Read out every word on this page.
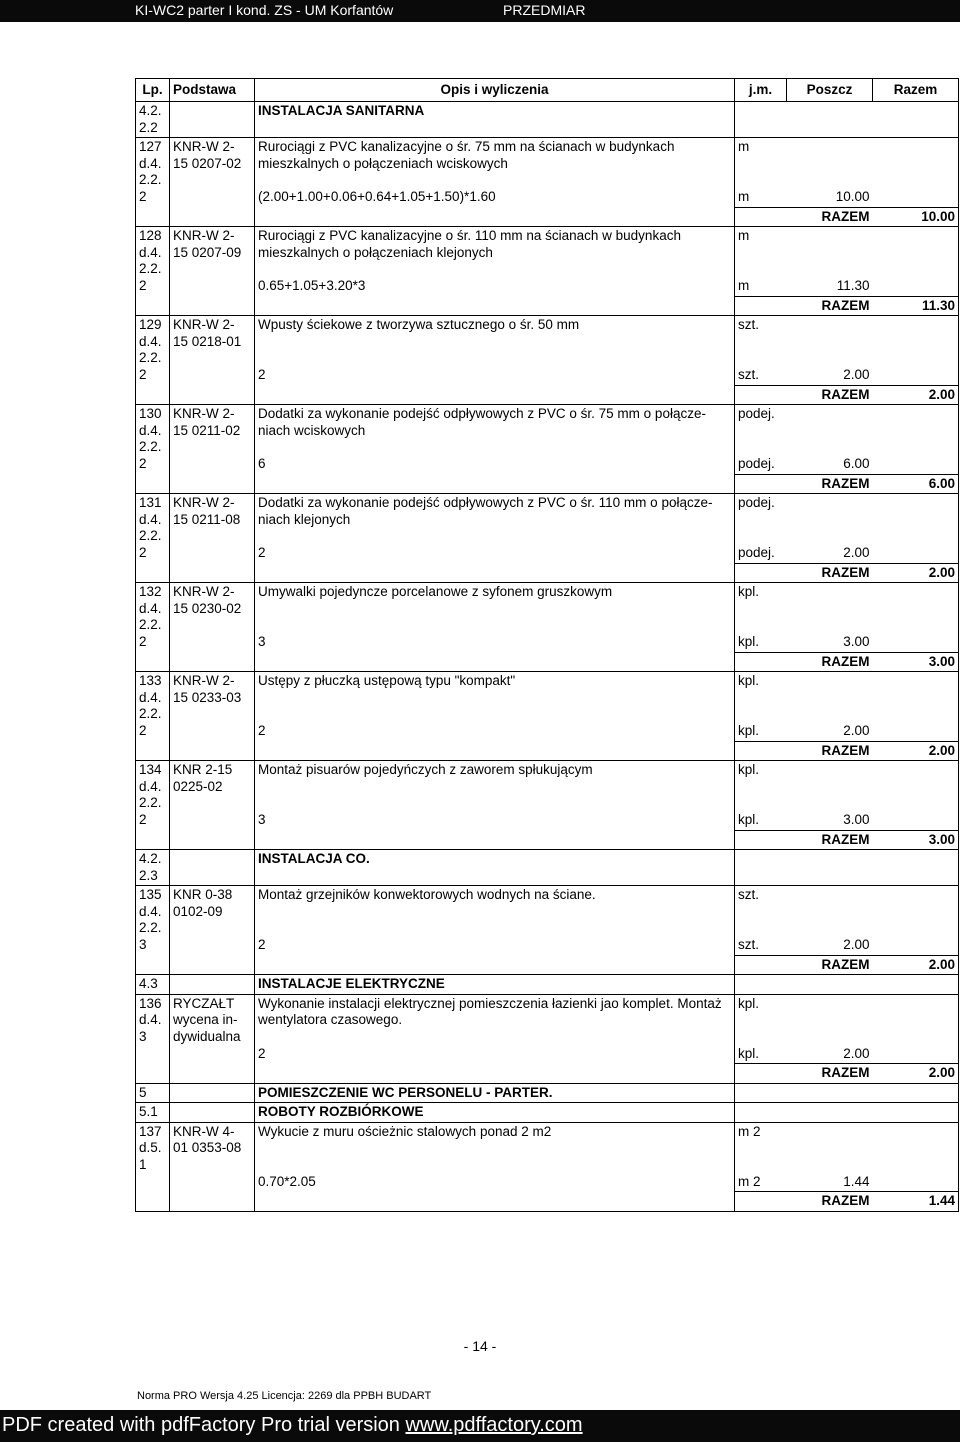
KI-WC2 parter I kond. ZS - UM Korfantów	PRZEDMIAR
Lp.	Podstawa	Opis i wyliczenia	j.m.	Poszcz	Razem
4.2.
2.2		INSTALACJA SANITARNA			
127
d.4.
2.2.
2	KNR-W 2-
15 0207-02	Rurociągi z PVC kanalizacyjne o śr. 75 mm na ścianach w budynkach
mieszkalnych o połączeniach wciskowych	m		
		(2.00+1.00+0.06+0.64+1.05+1.50)*1.60	m	10.00	
				RAZEM	10.00
128
d.4.
2.2.
2	KNR-W 2-
15 0207-09	Rurociągi z PVC kanalizacyjne o śr. 110 mm na ścianach w budynkach
mieszkalnych o połączeniach klejonych	m		
		0.65+1.05+3.20*3	m	11.30	
				RAZEM	11.30
129
d.4.
2.2.
2	KNR-W 2-
15 0218-01	Wpusty ściekowe z tworzywa sztucznego o śr. 50 mm	szt.		
		2	szt.	2.00	
				RAZEM	2.00
130
d.4.
2.2.
2	KNR-W 2-
15 0211-02	Dodatki za wykonanie podejść odpływowych z PVC o śr. 75 mm o połącze-
niach wciskowych	podej.		
		6	podej.	6.00	
				RAZEM	6.00
131
d.4.
2.2.
2	KNR-W 2-
15 0211-08	Dodatki za wykonanie podejść odpływowych z PVC o śr. 110 mm o połącze-
niach klejonych	podej.		
		2	podej.	2.00	
				RAZEM	2.00
132
d.4.
2.2.
2	KNR-W 2-
15 0230-02	Umywalki pojedyncze porcelanowe z syfonem gruszkowym	kpl.		
		3	kpl.	3.00	
				RAZEM	3.00
133
d.4.
2.2.
2	KNR-W 2-
15 0233-03	Ustępy z płuczką ustępową typu "kompakt"	kpl.		
		2	kpl.	2.00	
				RAZEM	2.00
134
d.4.
2.2.
2	KNR 2-15
0225-02	Montaż pisuarów pojedyńczych z zaworem spłukującym	kpl.		
		3	kpl.	3.00	
				RAZEM	3.00
4.2.
2.3		INSTALACJA CO.			
135
d.4.
2.2.
3	KNR 0-38
0102-09	Montaż grzejników konwektorowych wodnych na ściane.	szt.		
		2	szt.	2.00	
				RAZEM	2.00
4.3		INSTALACJE ELEKTRYCZNE			
136
d.4.
3	RYCZAŁT
wycena in-
dywidualna	Wykonanie instalacji elektrycznej pomieszczenia łazienki jao komplet. Montaż
wentylatora czasowego.	kpl.		
		2	kpl.	2.00	
				RAZEM	2.00
5		POMIESZCZENIE WC PERSONELU - PARTER.			
5.1		ROBOTY ROZBIÓRKOWE			
137
d.5.
1	KNR-W 4-
01 0353-08	Wykucie z muru ościeżnic stalowych ponad 2 m2	m 2		
		0.70*2.05	m 2	1.44	
				RAZEM	1.44
- 14 -
Norma PRO Wersja 4.25 Licencja: 2269 dla PPBH BUDART
PDF created with pdfFactory Pro trial version www.pdffactory.com
